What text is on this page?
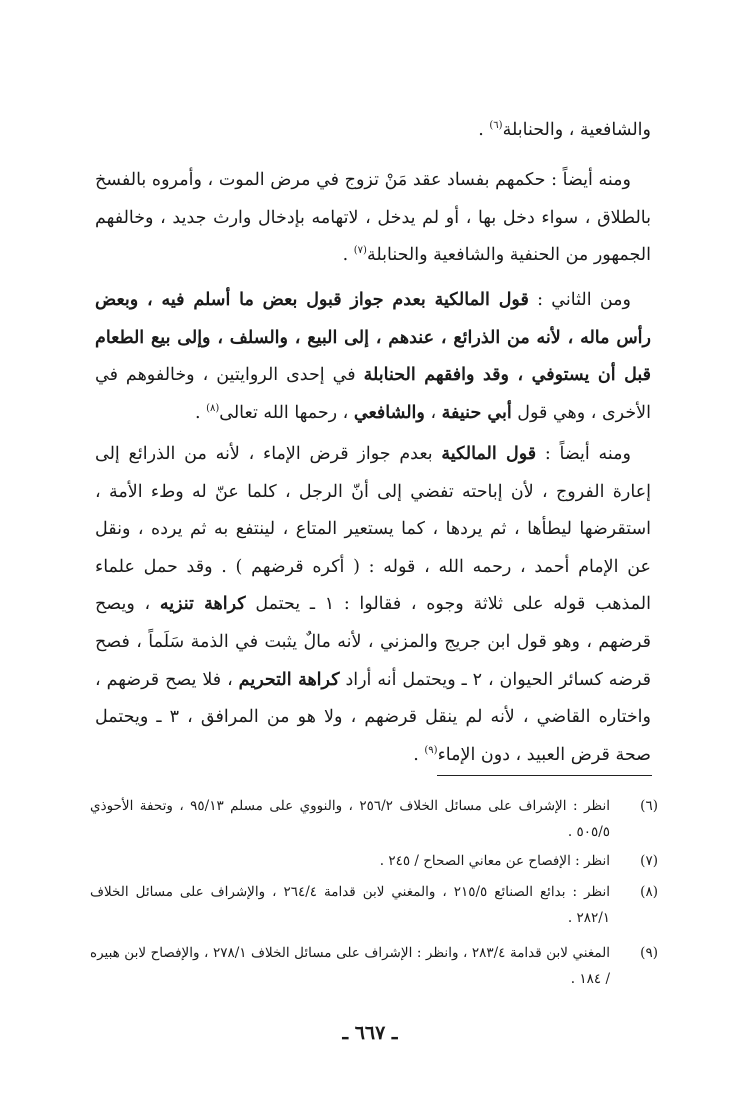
والشافعية ، والحنابلة$^{(٦)}$ .

ومنه أيضاً : حكمهم بفساد عقد مَنْ تزوج في مرض الموت ، وأمروه بالفسخ بالطلاق ، سواء دخل بها ، أو لم يدخل ، لاتهامه بإدخال وارث جديد ، وخالفهم الجمهور من الحنفية والشافعية والحنابلة$^{(٧)}$ .

ومن الثاني : قول المالكية بعدم جواز قبول بعض ما أسلم فيه ، وبعض رأس ماله ، لأنه من الذرائع ، عندهم ، إلى البيع ، والسلف ، وإلى بيع الطعام قبل أن يستوفي ، وقد وافقهم الحنابلة في إحدى الروايتين ، وخالفوهم في الأخرى ، وهي قول أبي حنيفة ، والشافعي ، رحمها الله تعالى$^{(٨)}$ .

ومنه أيضاً : قول المالكية بعدم جواز قرض الإماء ، لأنه من الذرائع إلى إعارة الفروج ، لأن إباحته تفضي إلى أنّ الرجل ، كلما عنّ له وطء الأمة ، استقرضها ليطأها ، ثم يردها ، كما يستعير المتاع ، لينتفع به ثم يرده ، ونقل عن الإمام أحمد ، رحمه الله ، قوله : ( أكره قرضهم ) . وقد حمل علماء المذهب قوله على ثلاثة وجوه ، فقالوا : ١ ـ يحتمل كراهة تنزيه ، ويصح قرضهم ، وهو قول ابن جريج والمزني ، لأنه مالٌ يثبت في الذمة سَلَماً ، فصح قرضه كسائر الحيوان ، ٢ ـ ويحتمل أنه أراد كراهة التحريم ، فلا يصح قرضهم ، واختاره القاضي ، لأنه لم ينقل قرضهم ، ولا هو من المرافق ، ٣ ـ ويحتمل صحة قرض العبيد ، دون الإماء$^{(٩)}$ .

(٦)
انظر : الإشراف على مسائل الخلاف ٢٥٦/٢ ، والنووي على مسلم ٩٥/١٣ ، وتحفة الأحوذي ٥٠٥/٥ .
(٧)
انظر : الإفصاح عن معاني الصحاح / ٢٤٥ .
(٨)
انظر : بدائع الصنائع ٢١٥/٥ ، والمغني لابن قدامة ٢٦٤/٤ ، والإشراف على مسائل الخلاف ٢٨٢/١ .
(٩)
المغني لابن قدامة ٢٨٣/٤ ، وانظر : الإشراف على مسائل الخلاف ٢٧٨/١ ، والإفصاح لابن هبيره / ١٨٤ .
ـ ٦٦٧ ـ
